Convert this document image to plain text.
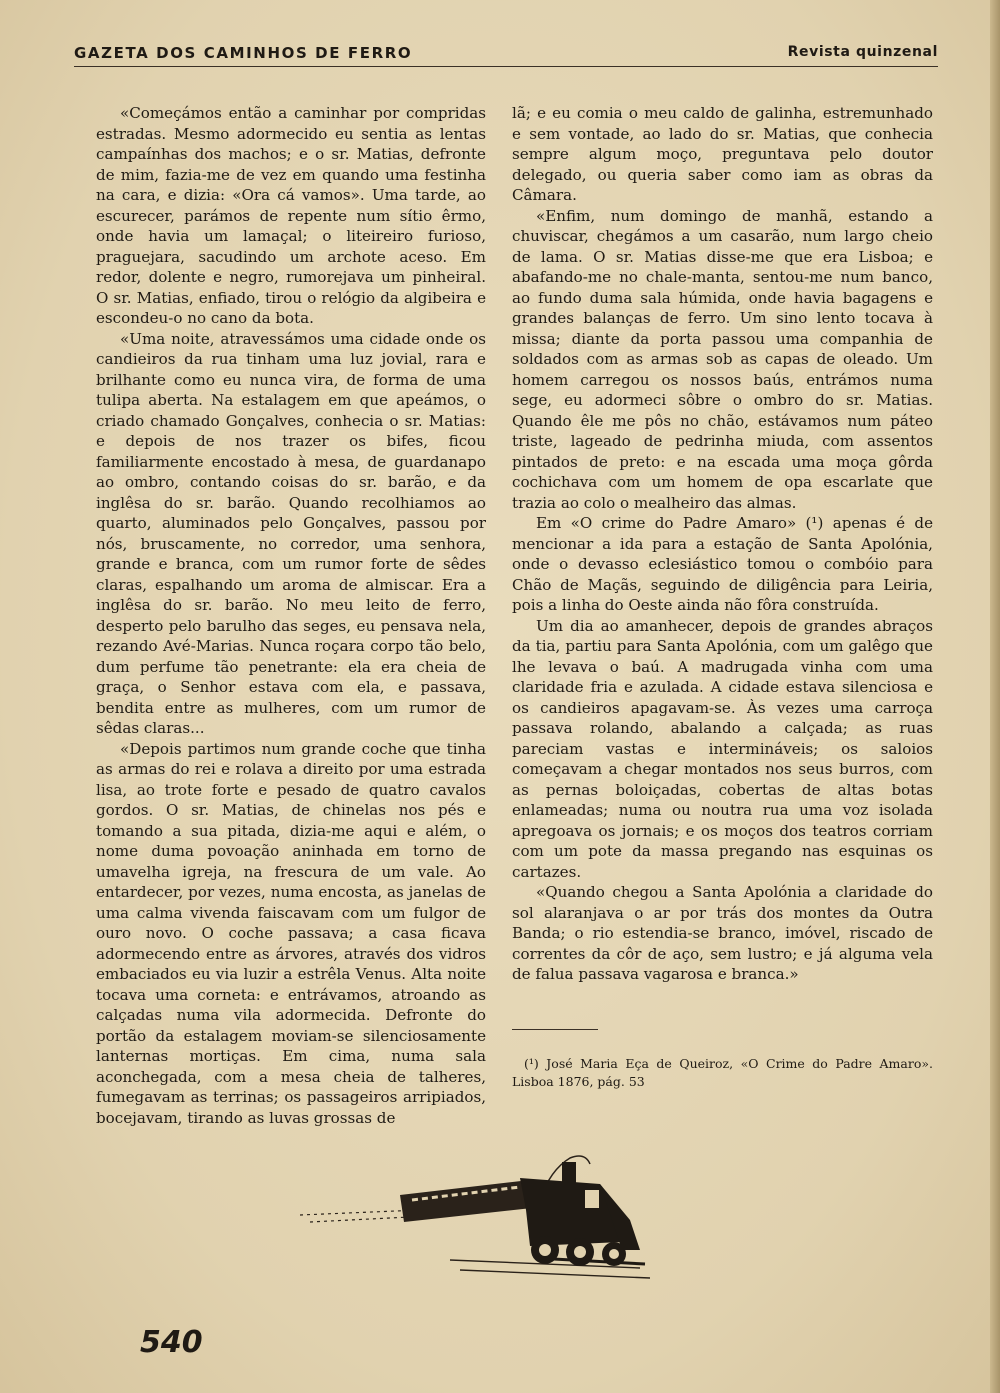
GAZETA DOS CAMINHOS DE FERRO	Revista quinzenal

«Começámos então a caminhar por compridas estradas. Mesmo adormecido eu sentia as lentas campaínhas dos machos; e o sr. Matias, defronte de mim, fazia-me de vez em quando uma festinha na cara, e dizia: «Ora cá vamos». Uma tarde, ao escurecer, parámos de repente num sítio êrmo, onde havia um lamaçal; o liteireiro furioso, praguejara, sacudindo um archote aceso. Em redor, dolente e negro, rumorejava um pinheiral. O sr. Matias, enfiado, tirou o relógio da algibeira e escondeu-o no cano da bota.

«Uma noite, atravessámos uma cidade onde os candieiros da rua tinham uma luz jovial, rara e brilhante como eu nunca vira, de forma de uma tulipa aberta. Na estalagem em que apeámos, o criado chamado Gonçalves, conhecia o sr. Matias: e depois de nos trazer os bifes, ficou familiarmente encostado à mesa, de guardanapo ao ombro, contando coisas do sr. barão, e da inglêsa do sr. barão. Quando recolhiamos ao quarto, aluminados pelo Gonçalves, passou por nós, bruscamente, no corredor, uma senhora, grande e branca, com um rumor forte de sêdes claras, espalhando um aroma de almiscar. Era a inglêsa do sr. barão. No meu leito de ferro, desperto pelo barulho das seges, eu pensava nela, rezando Avé-Marias. Nunca roçara corpo tão belo, dum perfume tão penetrante: ela era cheia de graça, o Senhor estava com ela, e passava, bendita entre as mulheres, com um rumor de sêdas claras...

«Depois partimos num grande coche que tinha as armas do rei e rolava a direito por uma estrada lisa, ao trote forte e pesado de quatro cavalos gordos. O sr. Matias, de chinelas nos pés e tomando a sua pitada, dizia-me aqui e além, o nome duma povoação aninhada em torno de umavelha igreja, na frescura de um vale. Ao entardecer, por vezes, numa encosta, as janelas de uma calma vivenda faiscavam com um fulgor de ouro novo. O coche passava; a casa ficava adormecendo entre as árvores, através dos vidros embaciados eu via luzir a estrêla Venus. Alta noite tocava uma corneta: e entrávamos, atroando as calçadas numa vila adormecida. Defronte do portão da estalagem moviam-se silenciosamente lanternas mortiças. Em cima, numa sala aconchegada, com a mesa cheia de talheres, fumegavam as terrinas; os passageiros arripiados, bocejavam, tirando as luvas grossas de

lã; e eu comia o meu caldo de galinha, estremunhado e sem vontade, ao lado do sr. Matias, que conhecia sempre algum moço, preguntava pelo doutor delegado, ou queria saber como iam as obras da Câmara.

«Enfim, num domingo de manhã, estando a chuviscar, chegámos a um casarão, num largo cheio de lama. O sr. Matias disse-me que era Lisboa; e abafando-me no chale-manta, sentou-me num banco, ao fundo duma sala húmida, onde havia bagagens e grandes balanças de ferro. Um sino lento tocava à missa; diante da porta passou uma companhia de soldados com as armas sob as capas de oleado. Um homem carregou os nossos baús, entrámos numa sege, eu adormeci sôbre o ombro do sr. Matias. Quando êle me pôs no chão, estávamos num páteo triste, lageado de pedrinha miuda, com assentos pintados de preto: e na escada uma moça gôrda cochichava com um homem de opa escarlate que trazia ao colo o mealheiro das almas.

Em «O crime do Padre Amaro» (¹) apenas é de mencionar a ida para a estação de Santa Apolónia, onde o devasso eclesiástico tomou o combóio para Chão de Maçãs, seguindo de diligência para Leiria, pois a linha do Oeste ainda não fôra construída.

Um dia ao amanhecer, depois de grandes abraços da tia, partiu para Santa Apolónia, com um galêgo que lhe levava o baú. A madrugada vinha com uma claridade fria e azulada. A cidade estava silenciosa e os candieiros apagavam-se. Às vezes uma carroça passava rolando, abalando a calçada; as ruas pareciam vastas e intermináveis; os saloios começavam a chegar montados nos seus burros, com as pernas boloiçadas, cobertas de altas botas enlameadas; numa ou noutra rua uma voz isolada apregoava os jornais; e os moços dos teatros corriam com um pote da massa pregando nas esquinas os cartazes.

«Quando chegou a Santa Apolónia a claridade do sol alaranjava o ar por trás dos montes da Outra Banda; o rio estendia-se branco, imóvel, riscado de correntes da côr de aço, sem lustro; e já alguma vela de falua passava vagarosa e branca.»

(¹) José Maria Eça de Queiroz, «O Crime do Padre Amaro». Lisboa 1876, pág. 53
540
